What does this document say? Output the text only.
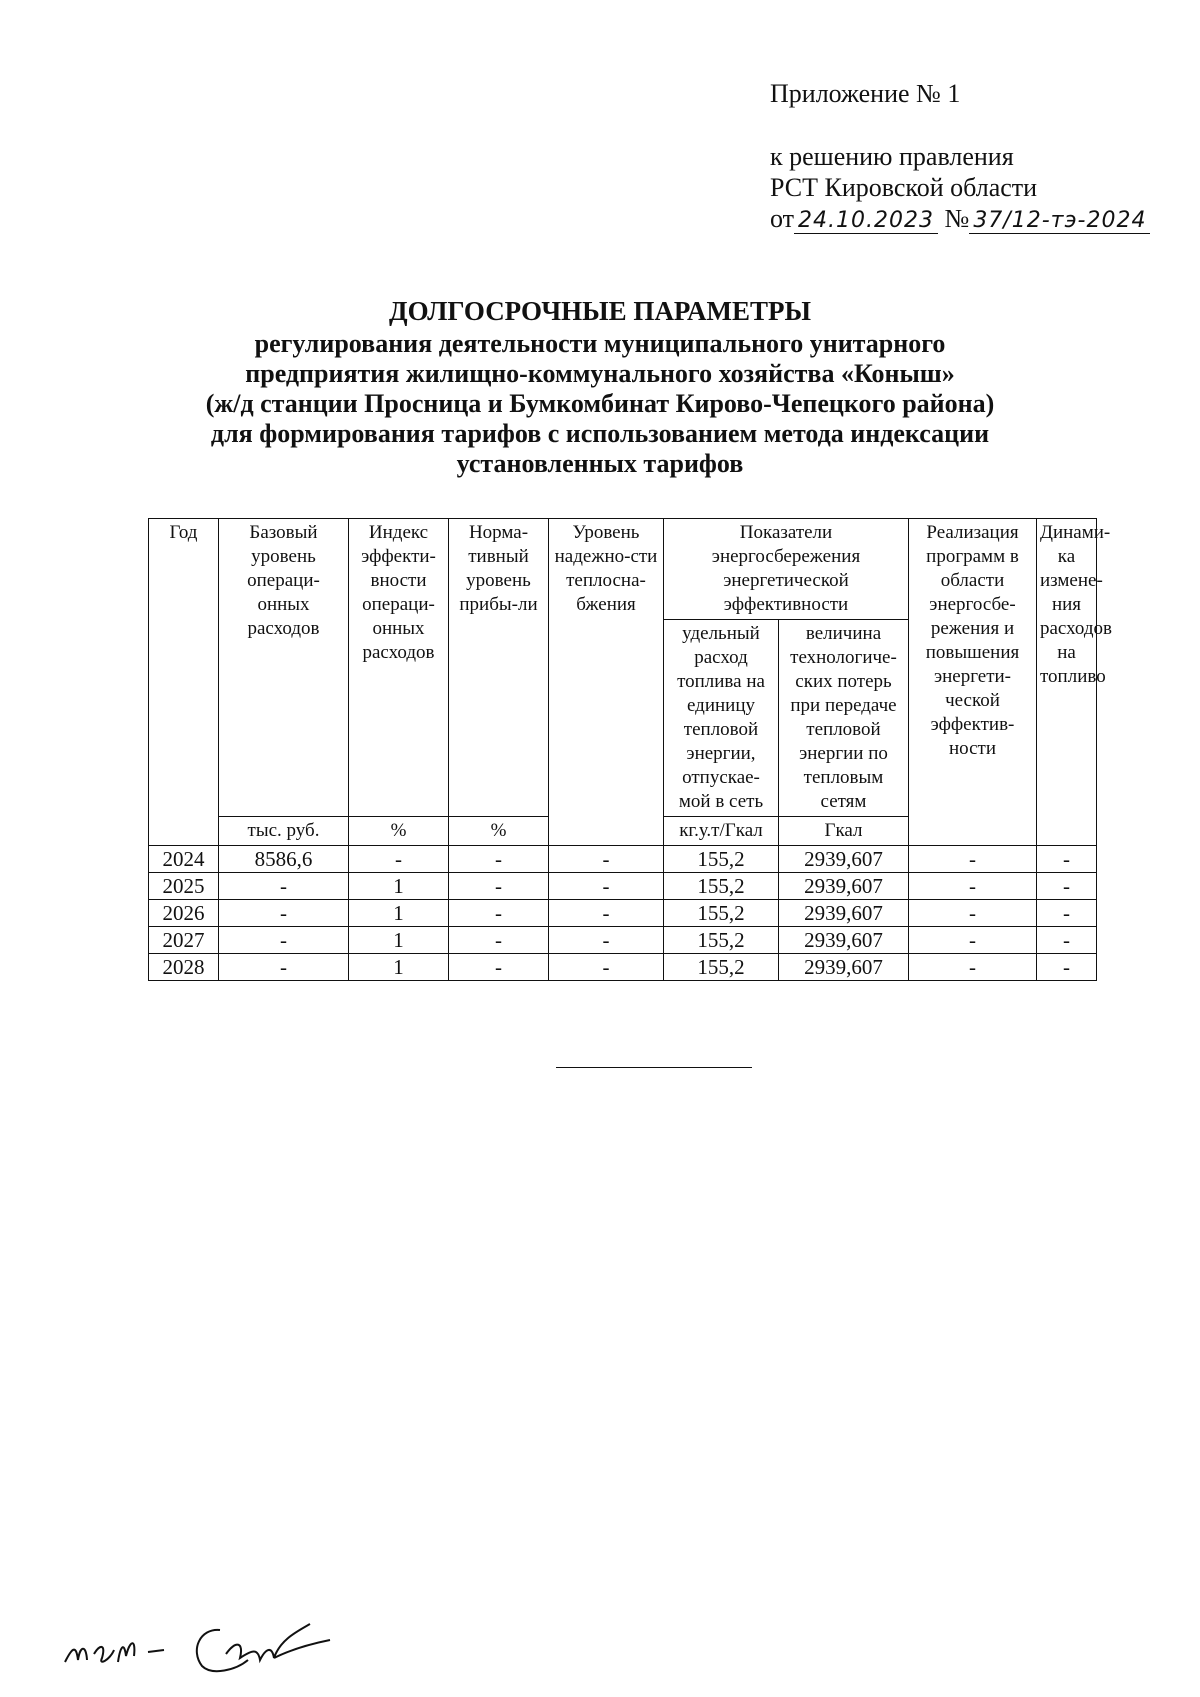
Приложение № 1
к решению правления
РСТ Кировской области
от 24.10.2023 № 37/12-тэ-2024
ДОЛГОСРОЧНЫЕ ПАРАМЕТРЫ
регулирования деятельности муниципального унитарного
предприятия жилищно-коммунального хозяйства «Коныш»
(ж/д станции Просница и Бумкомбинат Кирово-Чепецкого района)
для формирования тарифов с использованием метода индексации
установленных тарифов
Год	Базовый уровень операци-онных расходов	Индекс эффекти-вности операци-онных расходов	Норма-тивный уровень прибы-ли	Уровень надежно-сти теплосна-бжения	Показатели энергосбережения энергетической эффективности		Реализация программ в области энергосбе-режения и повышения энергети-ческой эффектив-ности	Динами-ка измене-ния расходов на топливо
					удельный расход топлива на единицу тепловой энергии, отпускае-мой в сеть	величина технологиче-ских потерь при передаче тепловой энергии по тепловым сетям		
	тыс. руб.	%	%		кг.у.т/Гкал	Гкал		
2024	8586,6	-	-	-	155,2	2939,607	-	-
2025	-	1	-	-	155,2	2939,607	-	-
2026	-	1	-	-	155,2	2939,607	-	-
2027	-	1	-	-	155,2	2939,607	-	-
2028	-	1	-	-	155,2	2939,607	-	-
